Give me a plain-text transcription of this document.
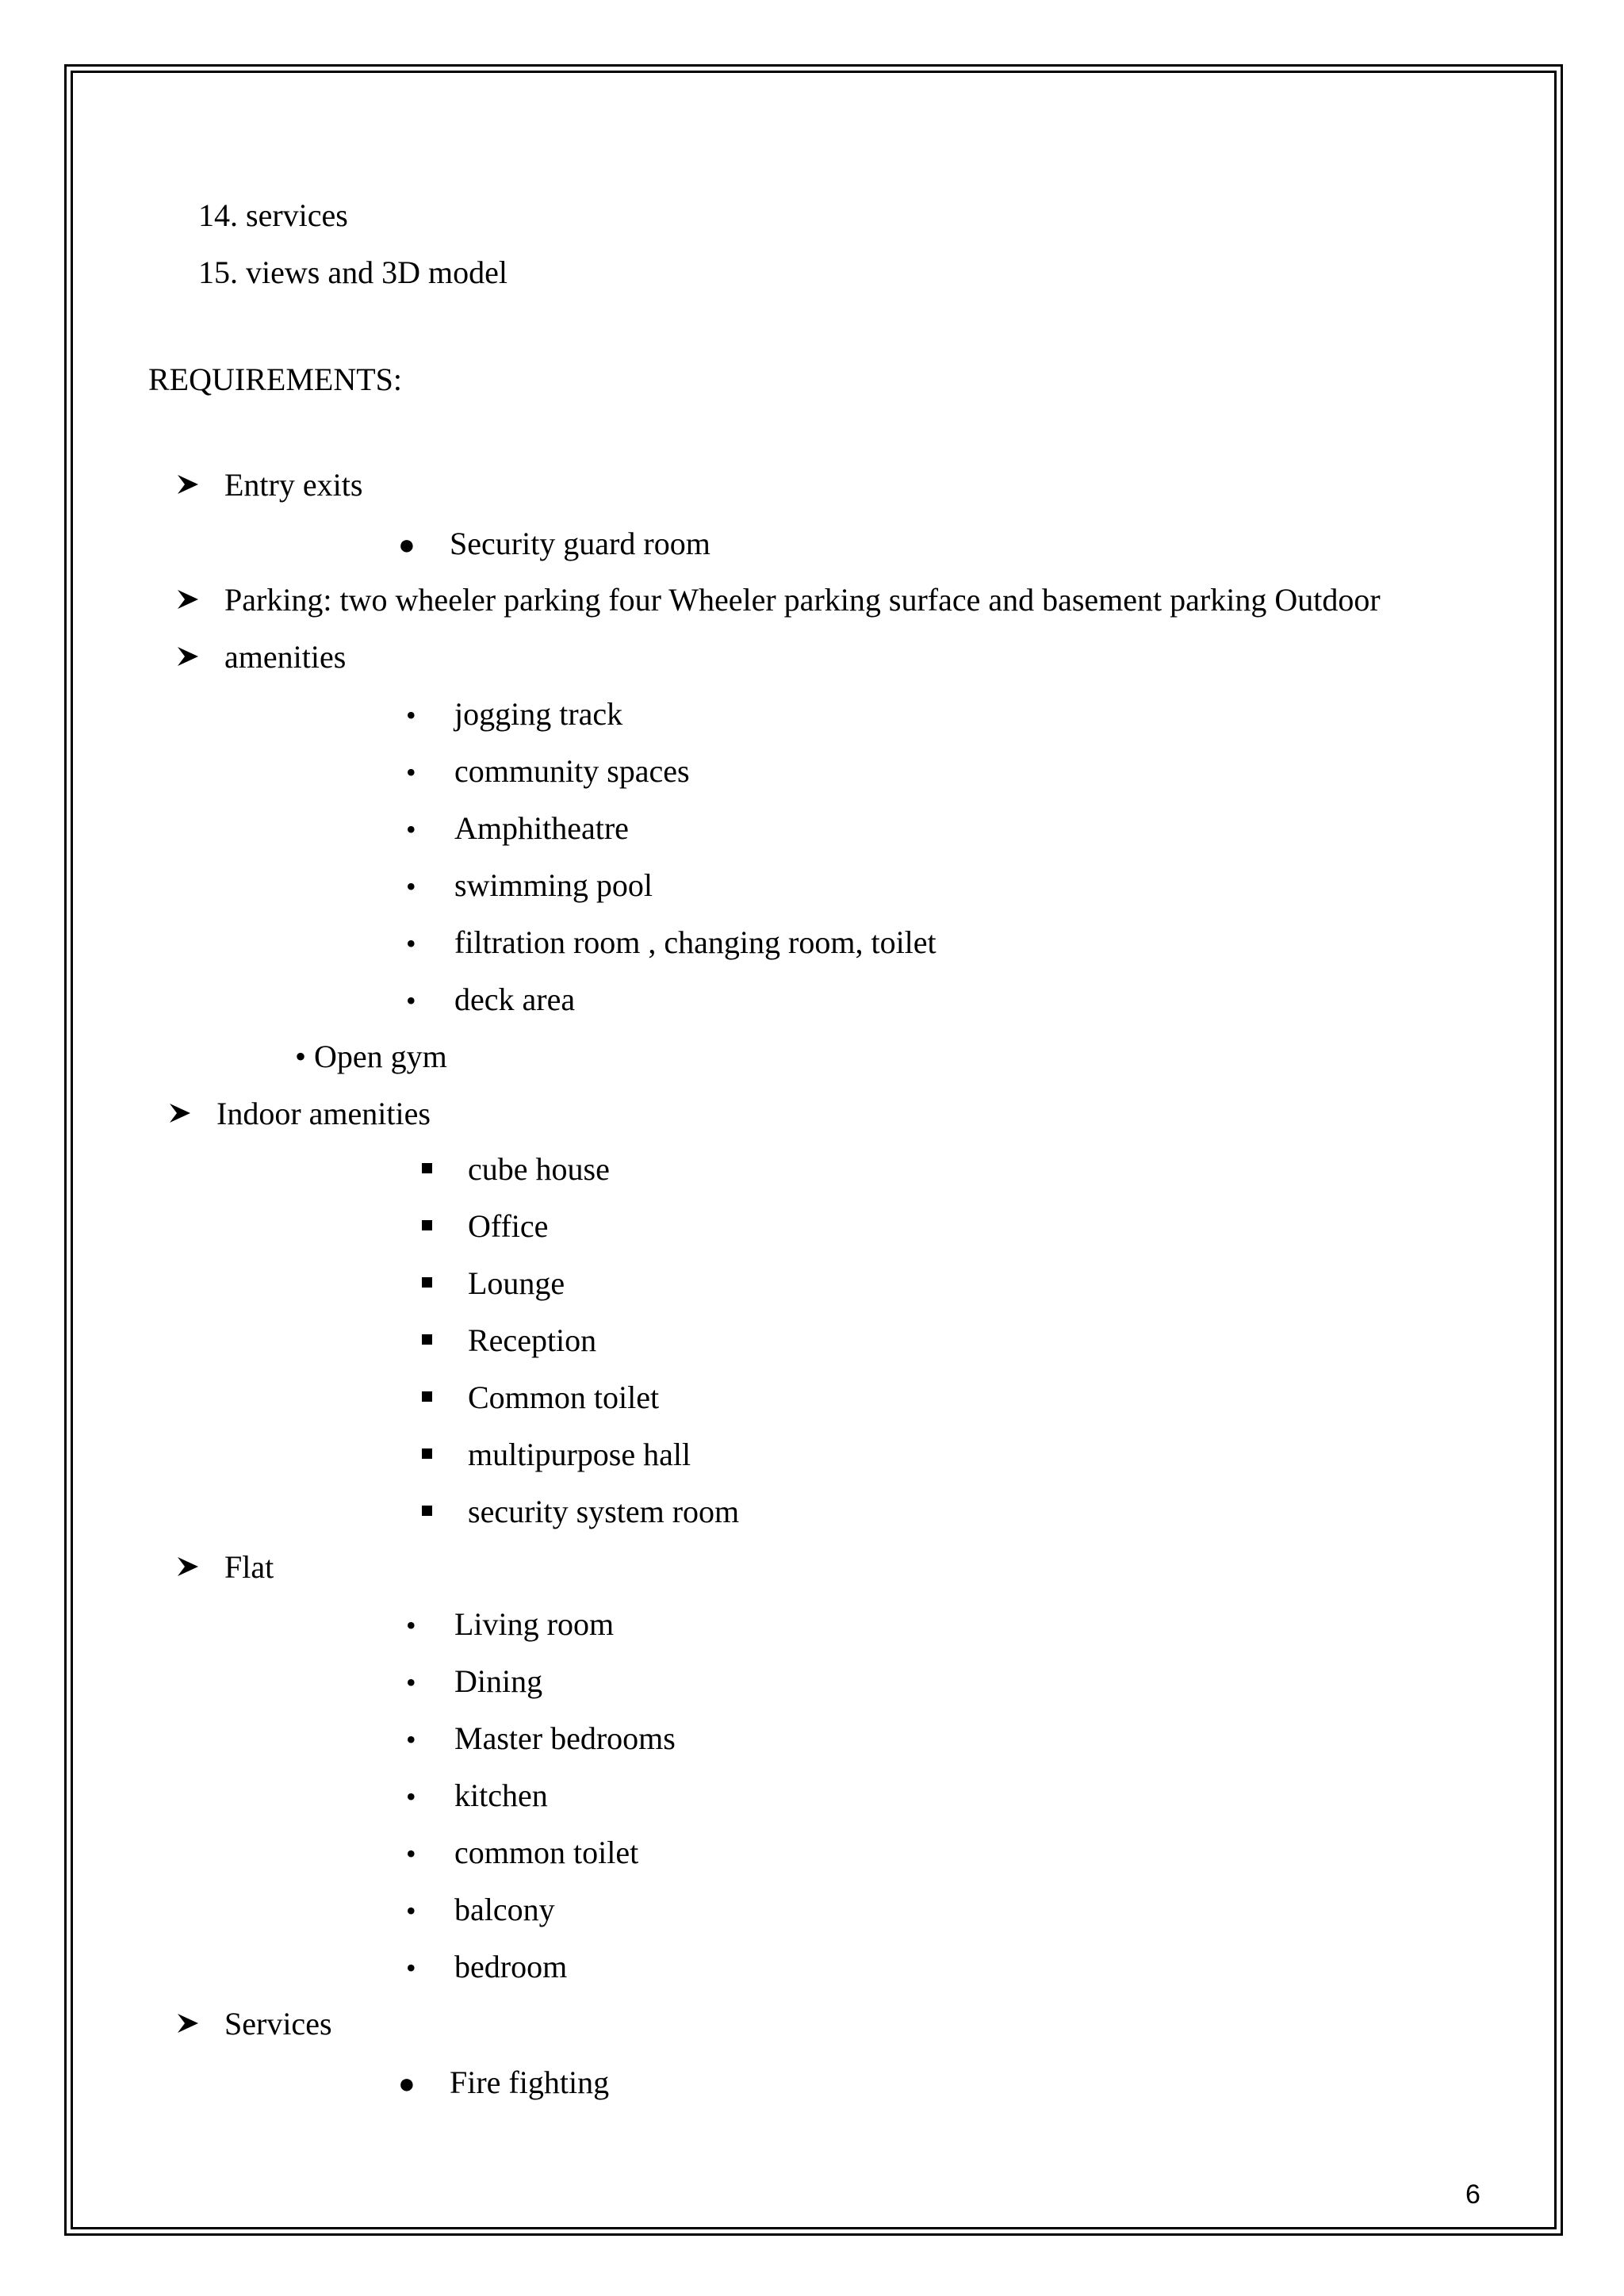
14. services
15. views and 3D model
REQUIREMENTS:
Entry exits
● Security guard room
Parking: two wheeler parking four Wheeler parking surface and basement parking Outdoor
amenities
• jogging track
• community spaces
• Amphitheatre
• swimming pool
• filtration room , changing room, toilet
• deck area
• Open gym
Indoor amenities
cube house
Office
Lounge
Reception
Common toilet
multipurpose hall
security system room
Flat
• Living room
• Dining
• Master bedrooms
• kitchen
• common toilet
• balcony
• bedroom
Services
● Fire fighting
6
